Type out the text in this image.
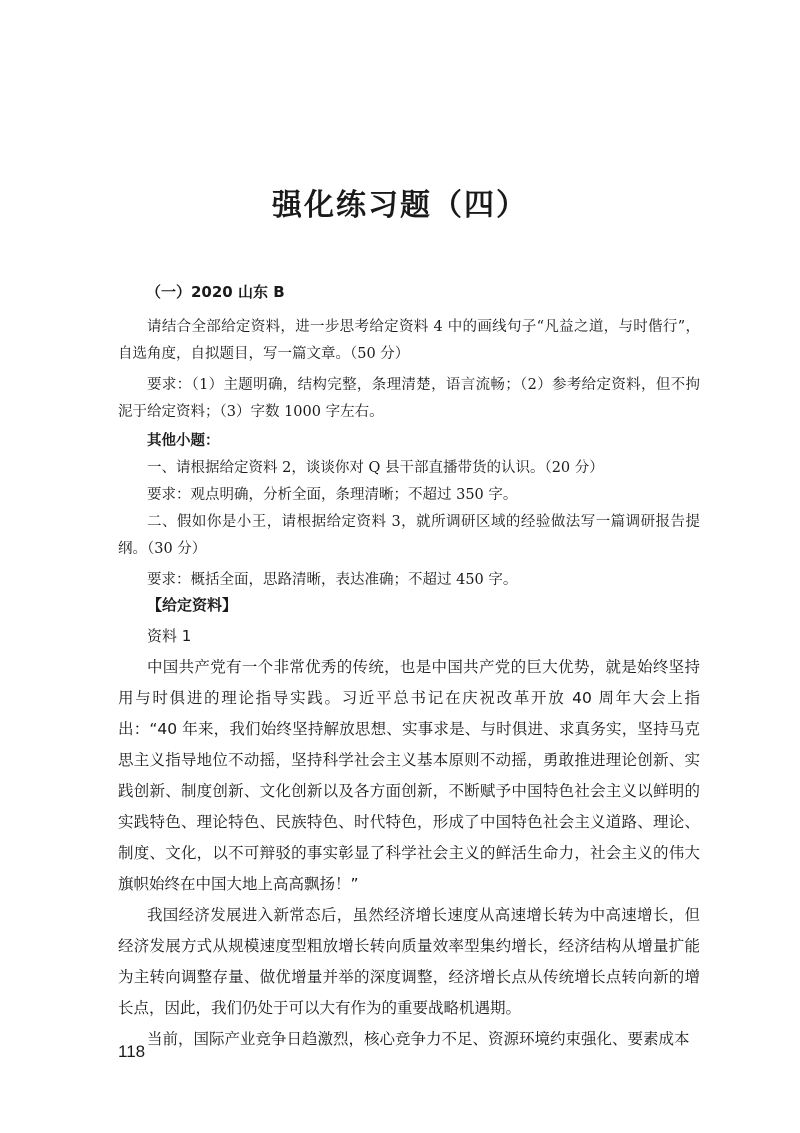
强化练习题（四）
（一）2020 山东 B

请结合全部给定资料，进一步思考给定资料 4 中的画线句子“凡益之道，与时偕行”，自选角度，自拟题目，写一篇文章。（50 分）

要求：（1）主题明确，结构完整，条理清楚，语言流畅；（2）参考给定资料，但不拘泥于给定资料；（3）字数 1000 字左右。

其他小题：

一、请根据给定资料 2，谈谈你对 Q 县干部直播带货的认识。（20 分）

要求：观点明确，分析全面，条理清晰；不超过 350 字。

二、假如你是小王，请根据给定资料 3，就所调研区域的经验做法写一篇调研报告提纲。（30 分）

要求：概括全面，思路清晰，表达准确；不超过 450 字。

【给定资料】

资料 1

中国共产党有一个非常优秀的传统，也是中国共产党的巨大优势，就是始终坚持用与时俱进的理论指导实践。习近平总书记在庆祝改革开放 40 周年大会上指出：“40 年来，我们始终坚持解放思想、实事求是、与时俱进、求真务实，坚持马克思主义指导地位不动摇，坚持科学社会主义基本原则不动摇，勇敢推进理论创新、实践创新、制度创新、文化创新以及各方面创新，不断赋予中国特色社会主义以鲜明的实践特色、理论特色、民族特色、时代特色，形成了中国特色社会主义道路、理论、制度、文化，以不可辩驳的事实彰显了科学社会主义的鲜活生命力，社会主义的伟大旗帜始终在中国大地上高高飘扬！”

我国经济发展进入新常态后，虽然经济增长速度从高速增长转为中高速增长，但经济发展方式从规模速度型粗放增长转向质量效率型集约增长，经济结构从增量扩能为主转向调整存量、做优增量并举的深度调整，经济增长点从传统增长点转向新的增长点，因此，我们仍处于可以大有作为的重要战略机遇期。

当前，国际产业竞争日趋激烈，核心竞争力不足、资源环境约束强化、要素成本

118
